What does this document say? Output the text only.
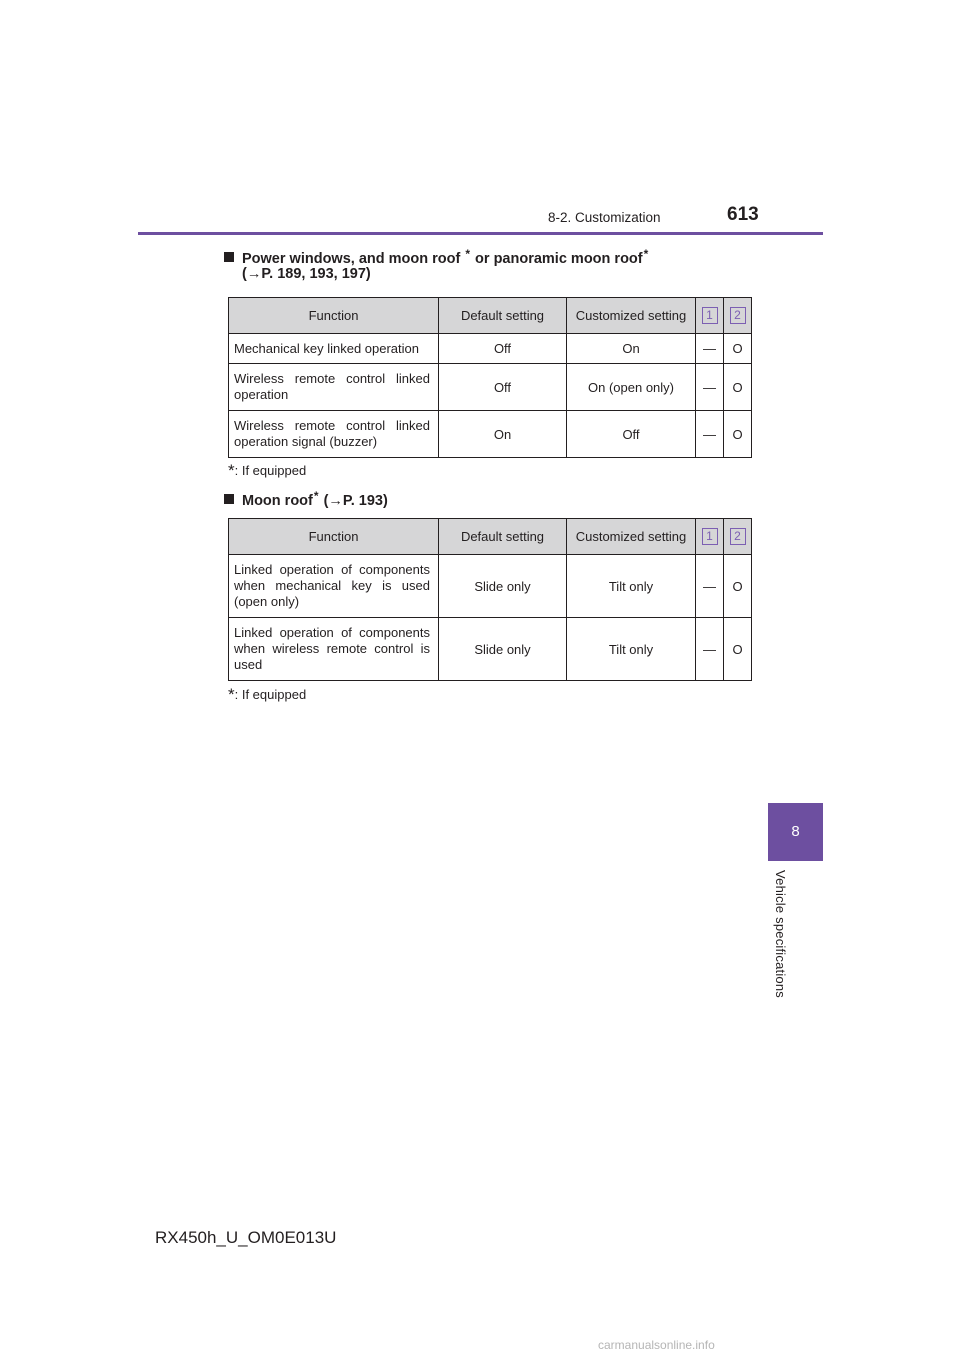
8-2. Customization	613
8
Vehicle specifications
Power windows, and moon roof * or panoramic moon roof*
(→P. 189, 193, 197)
Function	Default setting	Customized setting	1	2
Mechanical key linked operation	Off	On	—	O
Wireless remote control linked operation	Off	On (open only)	—	O
Wireless remote control linked operation signal (buzzer)	On	Off	—	O
*: If equipped
Moon roof* (→P. 193)
Function	Default setting	Customized setting	1	2
Linked operation of components when mechanical key is used (open only)	Slide only	Tilt only	—	O
Linked operation of components when wireless remote control is used	Slide only	Tilt only	—	O
*: If equipped
RX450h_U_OM0E013U
carmanualsonline.info
